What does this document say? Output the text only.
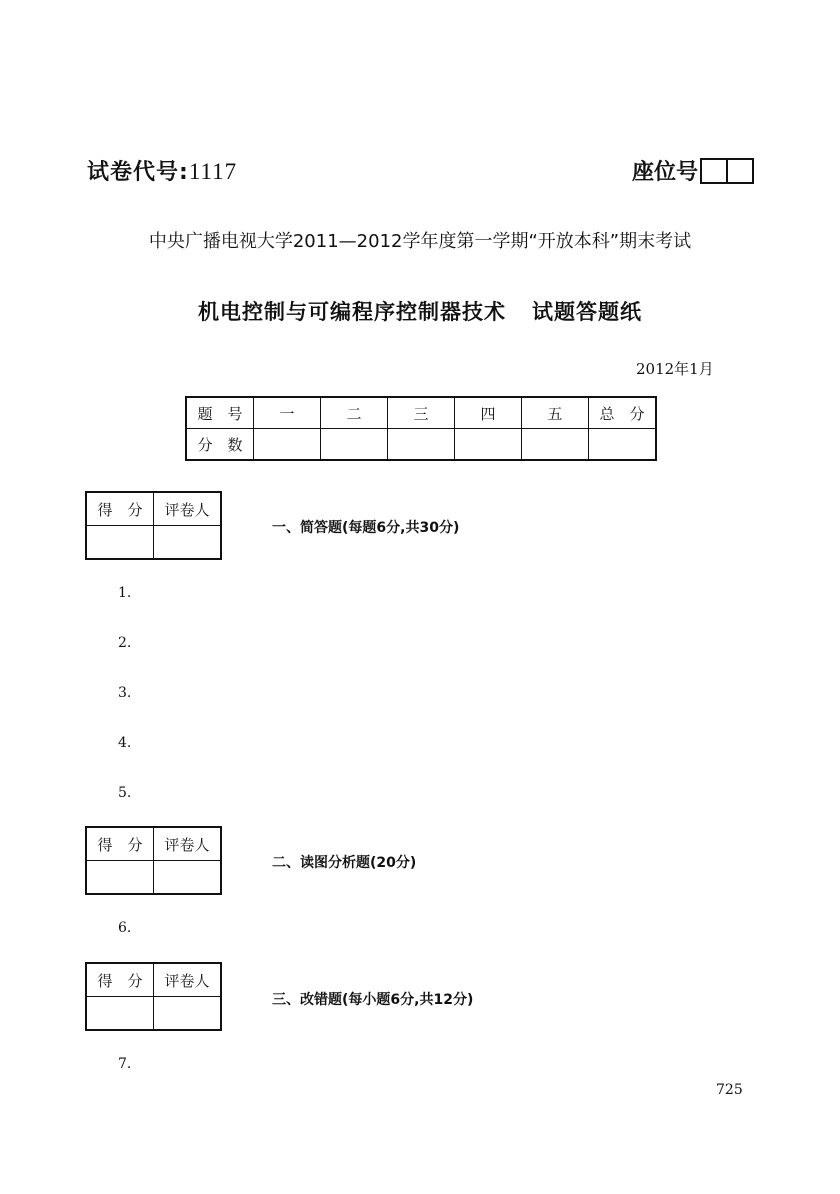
试卷代号:1117	座位号
中央广播电视大学2011—2012学年度第一学期“开放本科”期末考试
机电控制与可编程序控制器技术 试题答题纸
2012年1月
题　号	一	二	三	四	五	总　分
分　数						
得　分	评卷人

一、简答题(每题6分,共30分)
1.
2.
3.
4.
5.
得　分	评卷人

二、读图分析题(20分)
6.
得　分	评卷人

三、改错题(每小题6分,共12分)
7.
725
